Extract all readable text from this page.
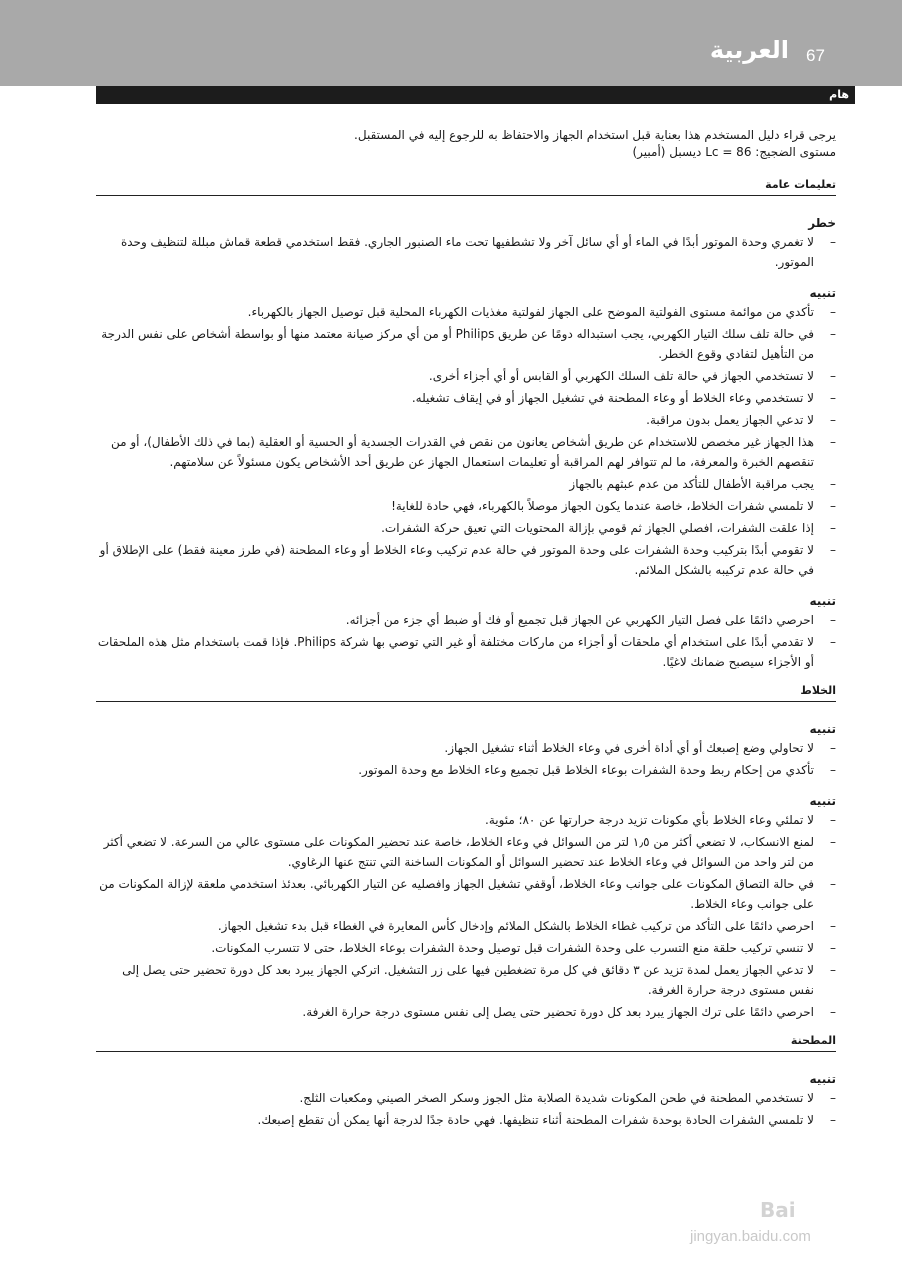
العربية 67
هام

يرجى قراء دليل المستخدم هذا بعناية قبل استخدام الجهاز والاحتفاظ به للرجوع إليه في المستقبل.

مستوى الضجيج: Lc = 86 ديسبل (أمبير)

تعليمات عامة
خطر
– لا تغمري وحدة الموتور أبدًا في الماء أو أي سائل آخر ولا تشطفيها تحت ماء الصنبور الجاري. فقط استخدمي قطعة قماش مبللة لتنظيف وحدة الموتور.
تنبيه
– تأكدي من موائمة مستوى الفولتية الموضح على الجهاز لفولتية مغذيات الكهرباء المحلية قبل توصيل الجهاز بالكهرباء.
– في حالة تلف سلك التيار الكهربي، يجب استبداله دومًا عن طريق Philips أو من أي مركز صيانة معتمد منها أو بواسطة أشخاص على نفس الدرجة من التأهيل لتفادي وقوع الخطر.
– لا تستخدمي الجهاز في حالة تلف السلك الكهربي أو القابس أو أي أجزاء أخرى.
– لا تستخدمي وعاء الخلاط أو وعاء المطحنة في تشغيل الجهاز أو في إيقاف تشغيله.
– لا تدعي الجهاز يعمل بدون مراقبة.
– هذا الجهاز غير مخصص للاستخدام عن طريق أشخاص يعانون من نقص في القدرات الجسدية أو الحسية أو العقلية (بما في ذلك الأطفال)، أو من تنقصهم الخبرة والمعرفة، ما لم تتوافر لهم المراقبة أو تعليمات استعمال الجهاز عن طريق أحد الأشخاص يكون مسئولاً عن سلامتهم.
– يجب مراقبة الأطفال للتأكد من عدم عبثهم بالجهاز
– لا تلمسي شفرات الخلاط، خاصة عندما يكون الجهاز موصلاً بالكهرباء، فهي حادة للغاية!
– إذا علقت الشفرات، افصلي الجهاز ثم قومي بإزالة المحتويات التي تعيق حركة الشفرات.
– لا تقومي أبدًا بتركيب وحدة الشفرات على وحدة الموتور في حالة عدم تركيب وعاء الخلاط أو وعاء المطحنة (في طرز معينة فقط) على الإطلاق أو في حالة عدم تركيبه بالشكل الملائم.
تنبيه
– احرصي دائمًا على فصل التيار الكهربي عن الجهاز قبل تجميع أو فك أو ضبط أي جزء من أجزائه.
– لا تقدمي أبدًا على استخدام أي ملحقات أو أجزاء من ماركات مختلفة أو غير التي توصي بها شركة Philips. فإذا قمت باستخدام مثل هذه الملحقات أو الأجزاء سيصبح ضمانك لاغيًا.
الخلاط
تنبيه
– لا تحاولي وضع إصبعك أو أي أداة أخرى في وعاء الخلاط أثناء تشغيل الجهاز.
– تأكدي من إحكام ربط وحدة الشفرات بوعاء الخلاط قبل تجميع وعاء الخلاط مع وحدة الموتور.
تنبيه
– لا تملئي وعاء الخلاط بأي مكونات تزيد درجة حرارتها عن ٨٠؛ مئوية.
– لمنع الانسكاب، لا تضعي أكثر من ١٫٥ لتر من السوائل في وعاء الخلاط، خاصة عند تحضير المكونات على مستوى عالي من السرعة. لا تضعي أكثر من لتر واحد من السوائل في وعاء الخلاط عند تحضير السوائل أو المكونات الساخنة التي تنتج عنها الرغاوي.
– في حالة التصاق المكونات على جوانب وعاء الخلاط، أوقفي تشغيل الجهاز وافصليه عن التيار الكهربائي. بعدئذ استخدمي ملعقة لإزالة المكونات من على جوانب وعاء الخلاط.
– احرصي دائمًا على التأكد من تركيب غطاء الخلاط بالشكل الملائم وإدخال كأس المعايرة في الغطاء قبل بدء تشغيل الجهاز.
– لا تنسي تركيب حلقة منع التسرب على وحدة الشفرات قبل توصيل وحدة الشفرات بوعاء الخلاط، حتى لا تتسرب المكونات.
– لا تدعي الجهاز يعمل لمدة تزيد عن ٣ دقائق في كل مرة تضغطين فيها على زر التشغيل. اتركي الجهاز يبرد بعد كل دورة تحضير حتى يصل إلى نفس مستوى درجة حرارة الغرفة.
– احرصي دائمًا على ترك الجهاز يبرد بعد كل دورة تحضير حتى يصل إلى نفس مستوى درجة حرارة الغرفة.
المطحنة
تنبيه
– لا تستخدمي المطحنة في طحن المكونات شديدة الصلابة مثل الجوز وسكر الصخر الصيني ومكعبات الثلج.
– لا تلمسي الشفرات الحادة بوحدة شفرات المطحنة أثناء تنظيفها. فهي حادة جدًا لدرجة أنها يمكن أن تقطع إصبعك.
Bai
jingyan.baidu.com
